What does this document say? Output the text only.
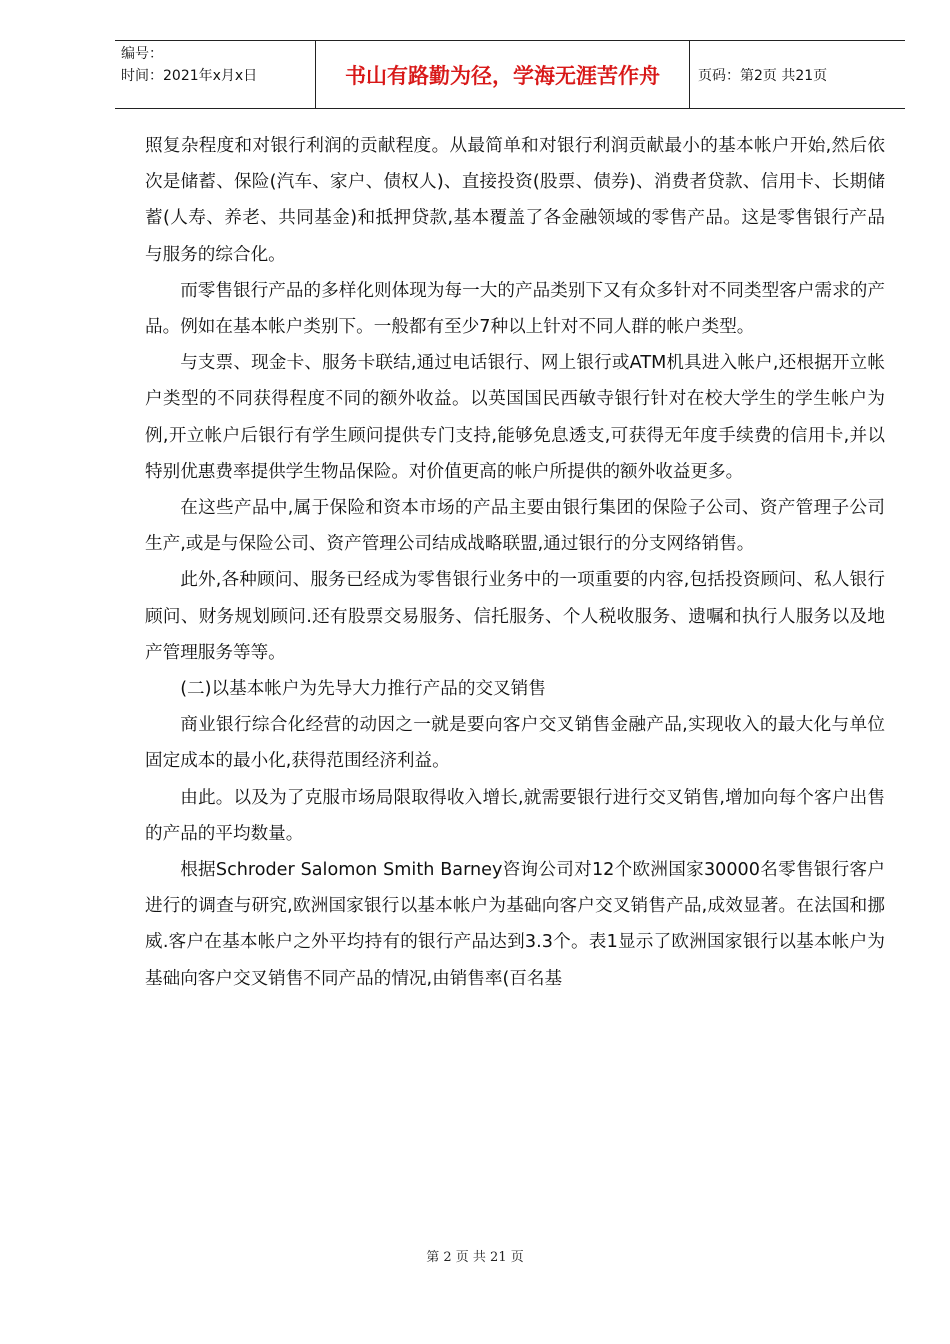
编号：
时间：2021年x月x日	书山有路勤为径，学海无涯苦作舟	页码：第2页 共21页

照复杂程度和对银行利润的贡献程度。从最简单和对银行利润贡献最小的基本帐户开始,然后依次是储蓄、保险(汽车、家户、债权人)、直接投资(股票、债券)、消费者贷款、信用卡、长期储蓄(人寿、养老、共同基金)和抵押贷款,基本覆盖了各金融领域的零售产品。这是零售银行产品与服务的综合化。

而零售银行产品的多样化则体现为每一大的产品类别下又有众多针对不同类型客户需求的产品。例如在基本帐户类别下。一般都有至少7种以上针对不同人群的帐户类型。

与支票、现金卡、服务卡联结,通过电话银行、网上银行或ATM机具进入帐户,还根据开立帐户类型的不同获得程度不同的额外收益。以英国国民西敏寺银行针对在校大学生的学生帐户为例,开立帐户后银行有学生顾问提供专门支持,能够免息透支,可获得无年度手续费的信用卡,并以特别优惠费率提供学生物品保险。对价值更高的帐户所提供的额外收益更多。

在这些产品中,属于保险和资本市场的产品主要由银行集团的保险子公司、资产管理子公司生产,或是与保险公司、资产管理公司结成战略联盟,通过银行的分支网络销售。

此外,各种顾问、服务已经成为零售银行业务中的一项重要的内容,包括投资顾问、私人银行顾问、财务规划顾问.还有股票交易服务、信托服务、个人税收服务、遗嘱和执行人服务以及地产管理服务等等。

(二)以基本帐户为先导大力推行产品的交叉销售

商业银行综合化经营的动因之一就是要向客户交叉销售金融产品,实现收入的最大化与单位固定成本的最小化,获得范围经济利益。

由此。以及为了克服市场局限取得收入增长,就需要银行进行交叉销售,增加向每个客户出售的产品的平均数量。

根据Schroder Salomon Smith Barney咨询公司对12个欧洲国家30000名零售银行客户进行的调查与研究,欧洲国家银行以基本帐户为基础向客户交叉销售产品,成效显著。在法国和挪威.客户在基本帐户之外平均持有的银行产品达到3.3个。表1显示了欧洲国家银行以基本帐户为基础向客户交叉销售不同产品的情况,由销售率(百名基

第 2 页 共 21 页
